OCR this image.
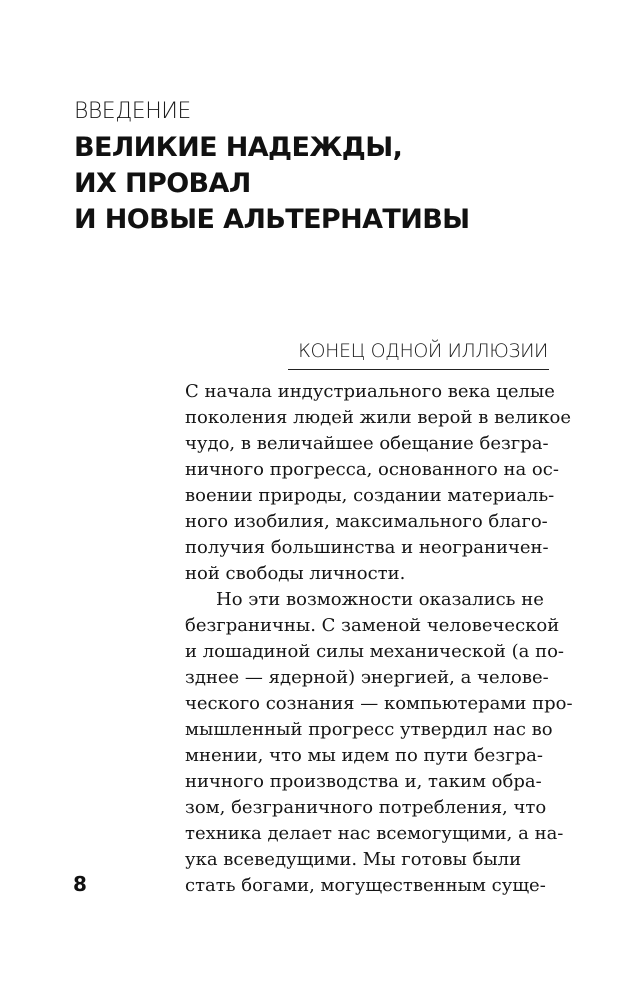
ВВЕДЕНИЕ
ВЕЛИКИЕ НАДЕЖДЫ,
ИХ ПРОВАЛ
И НОВЫЕ АЛЬТЕРНАТИВЫ
КОНЕЦ ОДНОЙ ИЛЛЮЗИИ
С начала индустриального века целые
поколения людей жили верой в великое
чудо, в величайшее обещание безгра-
ничного прогресса, основанного на ос-
воении природы, создании материаль-
ного изобилия, максимального благо-
получия большинства и неограничен-
ной свободы личности.
Но эти возможности оказались не
безграничны. С заменой человеческой
и лошадиной силы механической (а по-
зднее — ядерной) энергией, а челове-
ческого сознания — компьютерами про-
мышленный прогресс утвердил нас во
мнении, что мы идем по пути безгра-
ничного производства и, таким обра-
зом, безграничного потребления, что
техника делает нас всемогущими, а на-
ука всеведущими. Мы готовы были
стать богами, могущественным суще-
8
